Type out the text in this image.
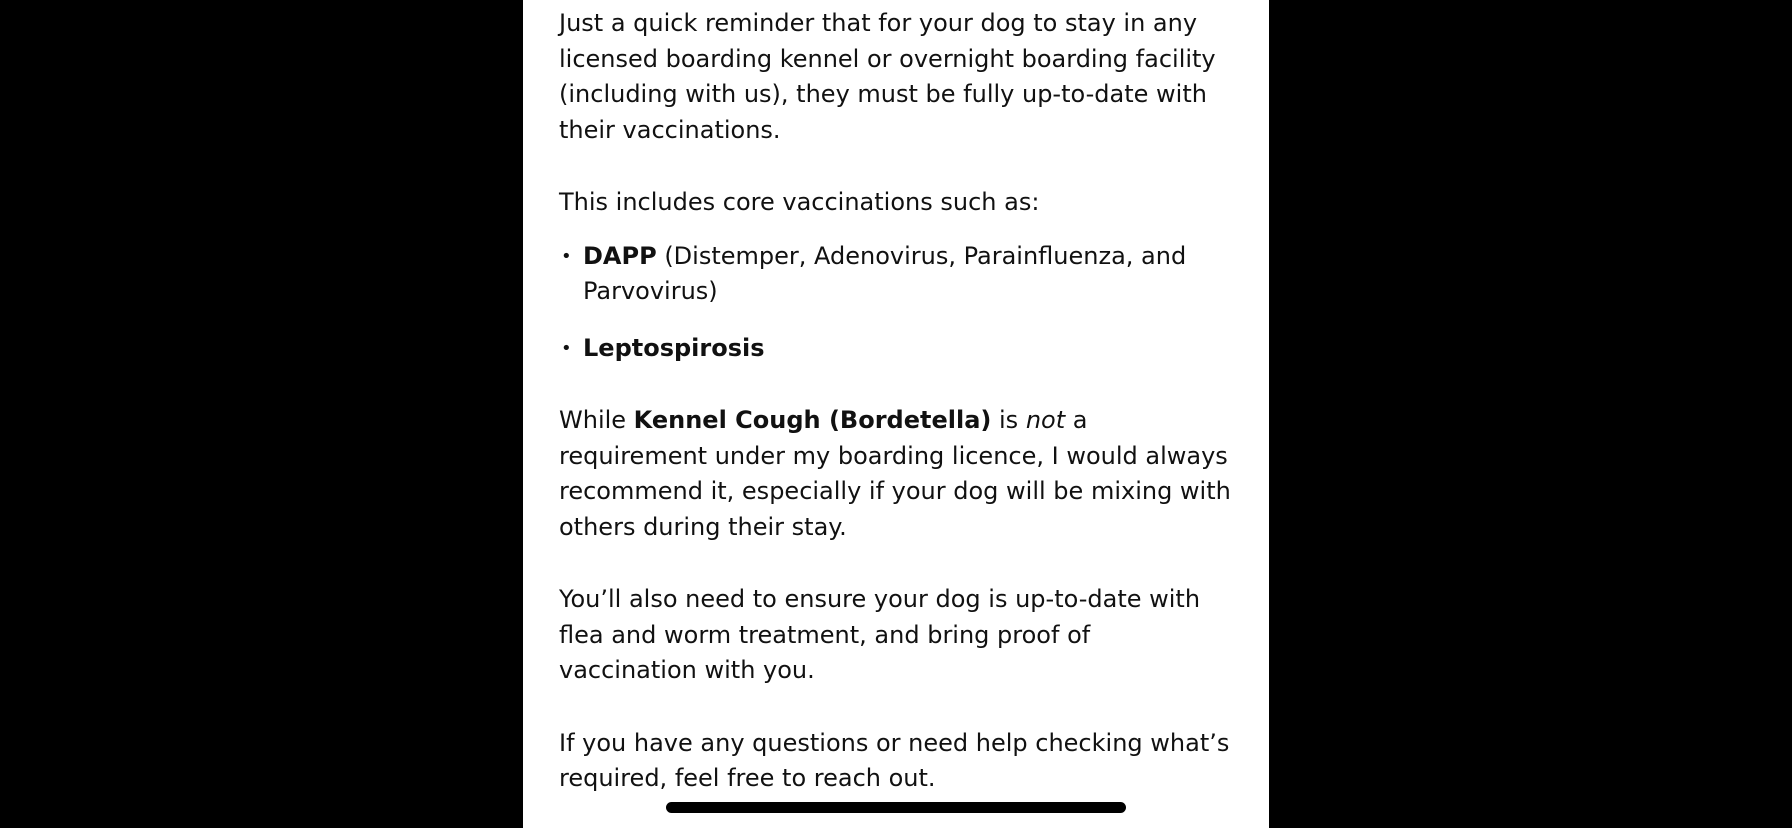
Just a quick reminder that for your dog to stay in any licensed boarding kennel or overnight boarding facility (including with us), they must be fully up-to-date with their vaccinations.

This includes core vaccinations such as:

• DAPP (Distemper, Adenovirus, Parainfluenza, and Parvovirus)
• Leptospirosis

While Kennel Cough (Bordetella) is not a requirement under my boarding licence, I would always recommend it, especially if your dog will be mixing with others during their stay.

You’ll also need to ensure your dog is up-to-date with flea and worm treatment, and bring proof of vaccination with you.

If you have any questions or need help checking what’s required, feel free to reach out.
